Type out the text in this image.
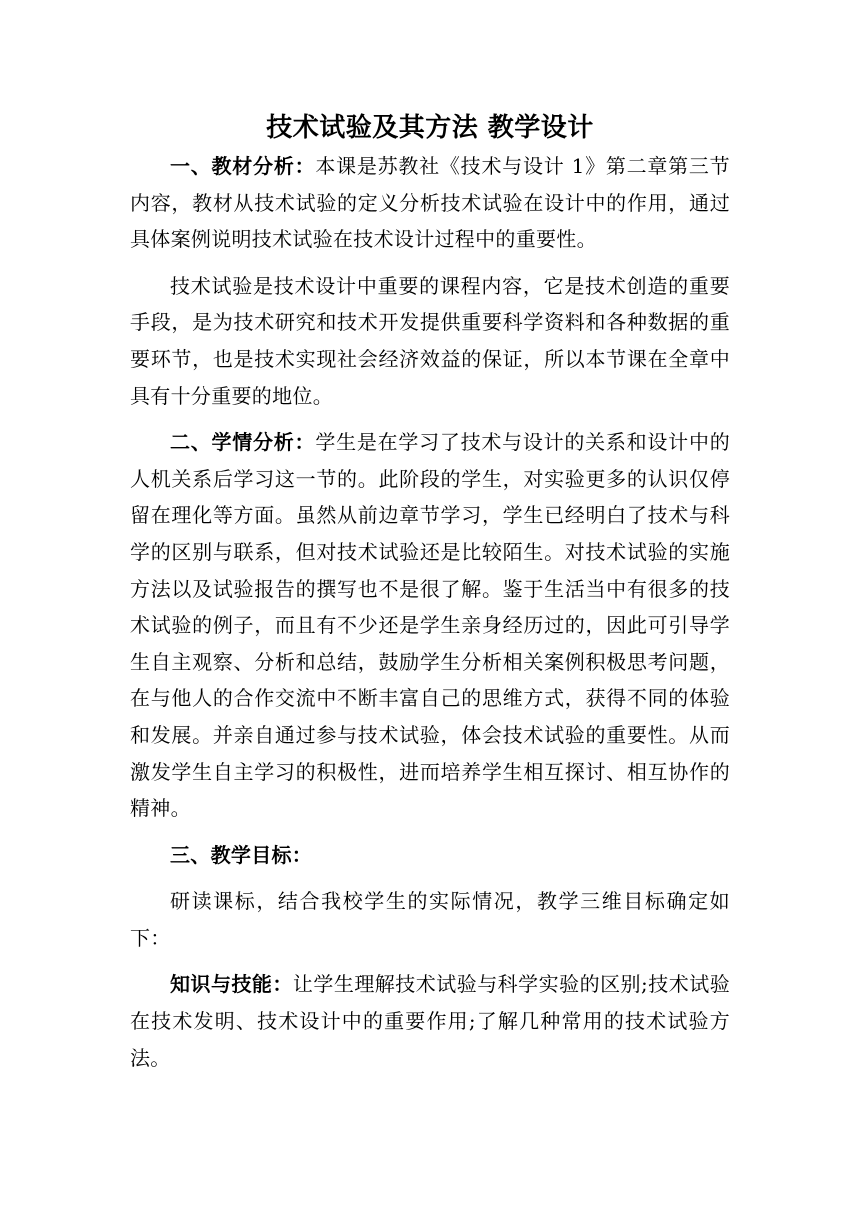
技术试验及其方法 教学设计

一、教材分析：本课是苏教社《技术与设计 1》第二章第三节内容，教材从技术试验的定义分析技术试验在设计中的作用，通过具体案例说明技术试验在技术设计过程中的重要性。

技术试验是技术设计中重要的课程内容，它是技术创造的重要手段，是为技术研究和技术开发提供重要科学资料和各种数据的重要环节，也是技术实现社会经济效益的保证，所以本节课在全章中具有十分重要的地位。

二、学情分析：学生是在学习了技术与设计的关系和设计中的人机关系后学习这一节的。此阶段的学生，对实验更多的认识仅停留在理化等方面。虽然从前边章节学习，学生已经明白了技术与科学的区别与联系，但对技术试验还是比较陌生。对技术试验的实施方法以及试验报告的撰写也不是很了解。鉴于生活当中有很多的技术试验的例子，而且有不少还是学生亲身经历过的，因此可引导学生自主观察、分析和总结，鼓励学生分析相关案例积极思考问题，在与他人的合作交流中不断丰富自己的思维方式，获得不同的体验和发展。并亲自通过参与技术试验，体会技术试验的重要性。从而激发学生自主学习的积极性，进而培养学生相互探讨、相互协作的精神。

三、教学目标：

研读课标，结合我校学生的实际情况，教学三维目标确定如下：

知识与技能：让学生理解技术试验与科学实验的区别;技术试验在技术发明、技术设计中的重要作用;了解几种常用的技术试验方法。
